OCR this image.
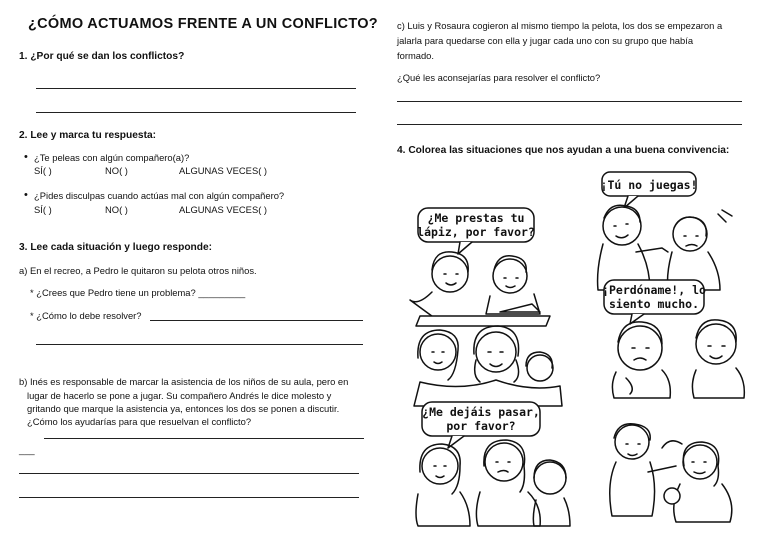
¿CÓMO ACTUAMOS FRENTE A UN CONFLICTO?
1. ¿Por qué se dan los conflictos?
2. Lee y marca tu respuesta:
• ¿Te peleas con algún compañero(a)?
SÍ( )	NO( )	ALGUNAS VECES( )
• ¿Pides disculpas cuando actúas mal con algún compañero?
SÍ( )	NO( )	ALGUNAS VECES( )
3. Lee cada situación y luego responde:
a) En el recreo, a Pedro le quitaron su pelota otros niños.
* ¿Crees que Pedro tiene un problema? _________
* ¿Cómo lo debe resolver?
b) Inés es responsable de marcar la asistencia de los niños de su aula, pero en
lugar de hacerlo se pone a jugar. Su compañero Andrés le dice molesto y
gritando que marque la asistencia ya, entonces los dos se ponen a discutir.
¿Cómo los ayudarías para que resuelvan el conflicto?
___
c) Luis y Rosaura cogieron al mismo tiempo la pelota, los dos se empezaron a
jalarla para quedarse con ella y jugar cada uno con su grupo que había
formado.
¿Qué les aconsejarías para resolver el conflicto?
4. Colorea las situaciones que nos ayudan a una buena convivencia:
¡Tú no juegas!
¿Me prestas tu
lápiz, por favor?
¡Perdóname!, lo
siento mucho.
¿Me dejáis pasar,
por favor?
